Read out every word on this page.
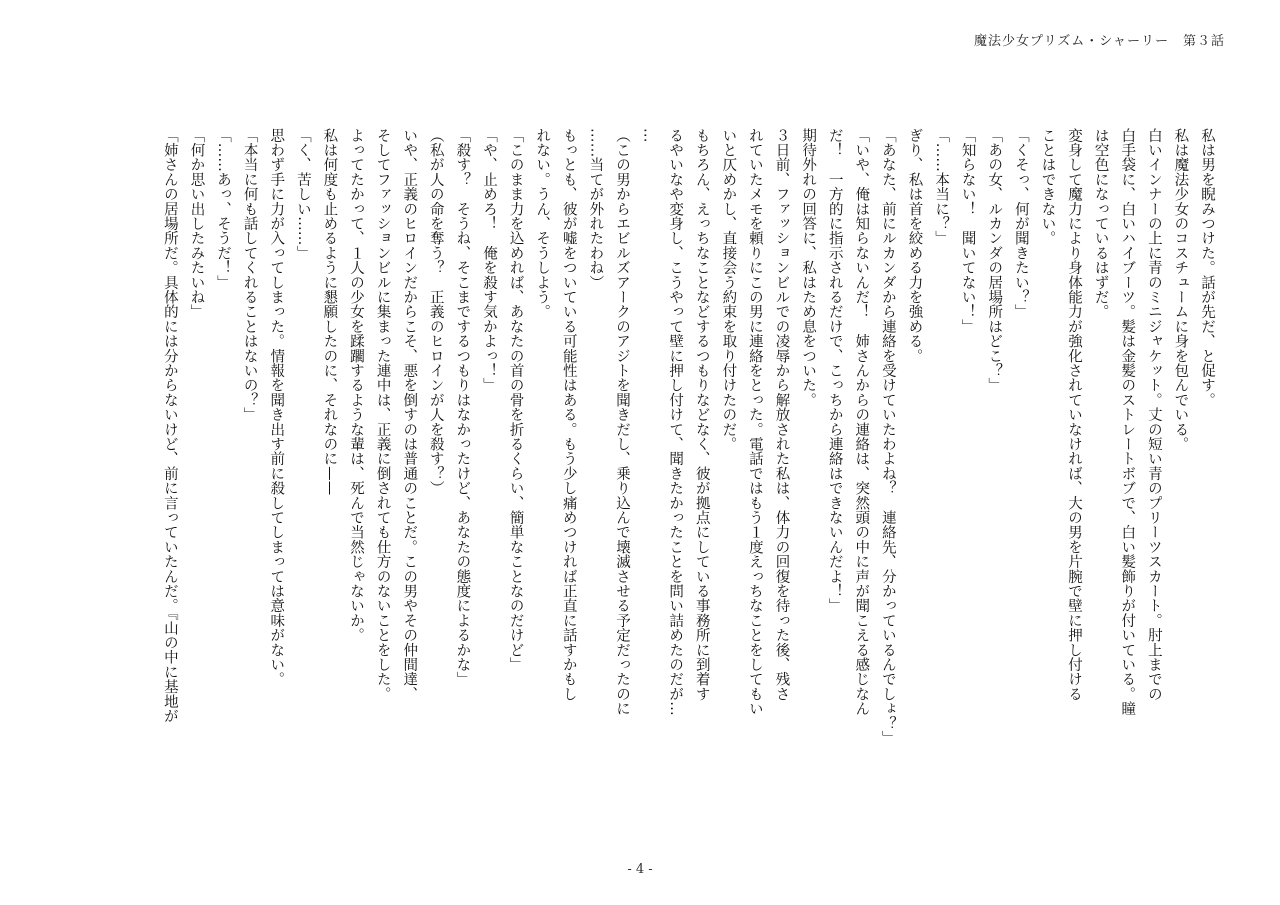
魔法少女プリズム・シャーリー　第３話

私は男を睨みつけた。話が先だ、と促す。

私は魔法少女のコスチュームに身を包んでいる。

白いインナーの上に青のミニジャケット。丈の短い青のプリーツスカート。肘上までの

白手袋に、白いハイブーツ。髪は金髪のストレートボブで、白い髪飾りが付いている。瞳

は空色になっているはずだ。

変身して魔力により身体能力が強化されていなければ、大の男を片腕で壁に押し付ける

ことはできない。

「くそっ、何が聞きたい？」

「あの女、ルカンダの居場所はどこ？」

「知らない！　聞いてない！」

「……本当に？」

ぎり、私は首を絞める力を強める。

「あなた、前にルカンダから連絡を受けていたわよね？　連絡先、分かっているんでしょ？」

「いや、俺は知らないんだ！　姉さんからの連絡は、突然頭の中に声が聞こえる感じなん

だ！　一方的に指示されるだけで、こっちから連絡はできないんだよ！」

期待外れの回答に、私はため息をついた。

３日前、ファッションビルでの凌辱から解放された私は、体力の回復を待った後、残さ

れていたメモを頼りにこの男に連絡をとった。電話ではもう１度えっちなことをしてもい

いと仄めかし、直接会う約束を取り付けたのだ。

もちろん、えっちなことなどするつもりなどなく、彼が拠点にしている事務所に到着す

るやいなや変身し、こうやって壁に押し付けて、聞きたかったことを問い詰めたのだが…

…

（この男からエビルズアークのアジトを聞きだし、乗り込んで壊滅させる予定だったのに

……当てが外れたわね）

もっとも、彼が嘘をついている可能性はある。もう少し痛めつければ正直に話すかもし

れない。うん、そうしよう。

「このまま力を込めれば、あなたの首の骨を折るくらい、簡単なことなのだけど」

「や、止めろ！　俺を殺す気かよっ！」

「殺す？　そうね、そこまでするつもりはなかったけど、あなたの態度によるかな」

（私が人の命を奪う？　正義のヒロインが人を殺す？）

いや、正義のヒロインだからこそ、悪を倒すのは普通のことだ。この男やその仲間達、

そしてファッションビルに集まった連中は、正義に倒されても仕方のないことをした。

よってたかって、１人の少女を蹂躙するような輩は、死んで当然じゃないか。

私は何度も止めるように懇願したのに、それなのに——

「く、苦しい……」

思わず手に力が入ってしまった。情報を聞き出す前に殺してしまっては意味がない。

「本当に何も話してくれることはないの？」

「……あっ、そうだ！」

「何か思い出したみたいね」

「姉さんの居場所だ。具体的には分からないけど、前に言っていたんだ。『山の中に基地が

- 4 -
